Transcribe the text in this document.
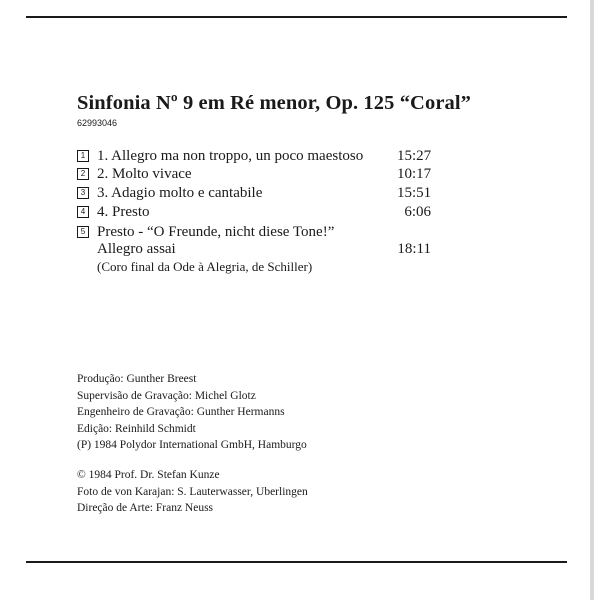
Sinfonia Nº 9 em Ré menor, Op. 125 “Coral”
62993046
1 1. Allegro ma non troppo, un poco maestoso 15:27
2 2. Molto vivace	10:17
3 3. Adagio molto e cantabile	15:51
4 4. Presto	6:06
5 Presto - “O Freunde, nicht diese Tone!”
Allegro assai	18:11
(Coro final da Ode à Alegria, de Schiller)
Produção: Gunther Breest
Supervisão de Gravação: Michel Glotz
Engenheiro de Gravação: Gunther Hermanns
Edição: Reinhild Schmidt
(P) 1984 Polydor International GmbH, Hamburgo
© 1984 Prof. Dr. Stefan Kunze
Foto de von Karajan: S. Lauterwasser, Uberlingen
Direção de Arte: Franz Neuss
